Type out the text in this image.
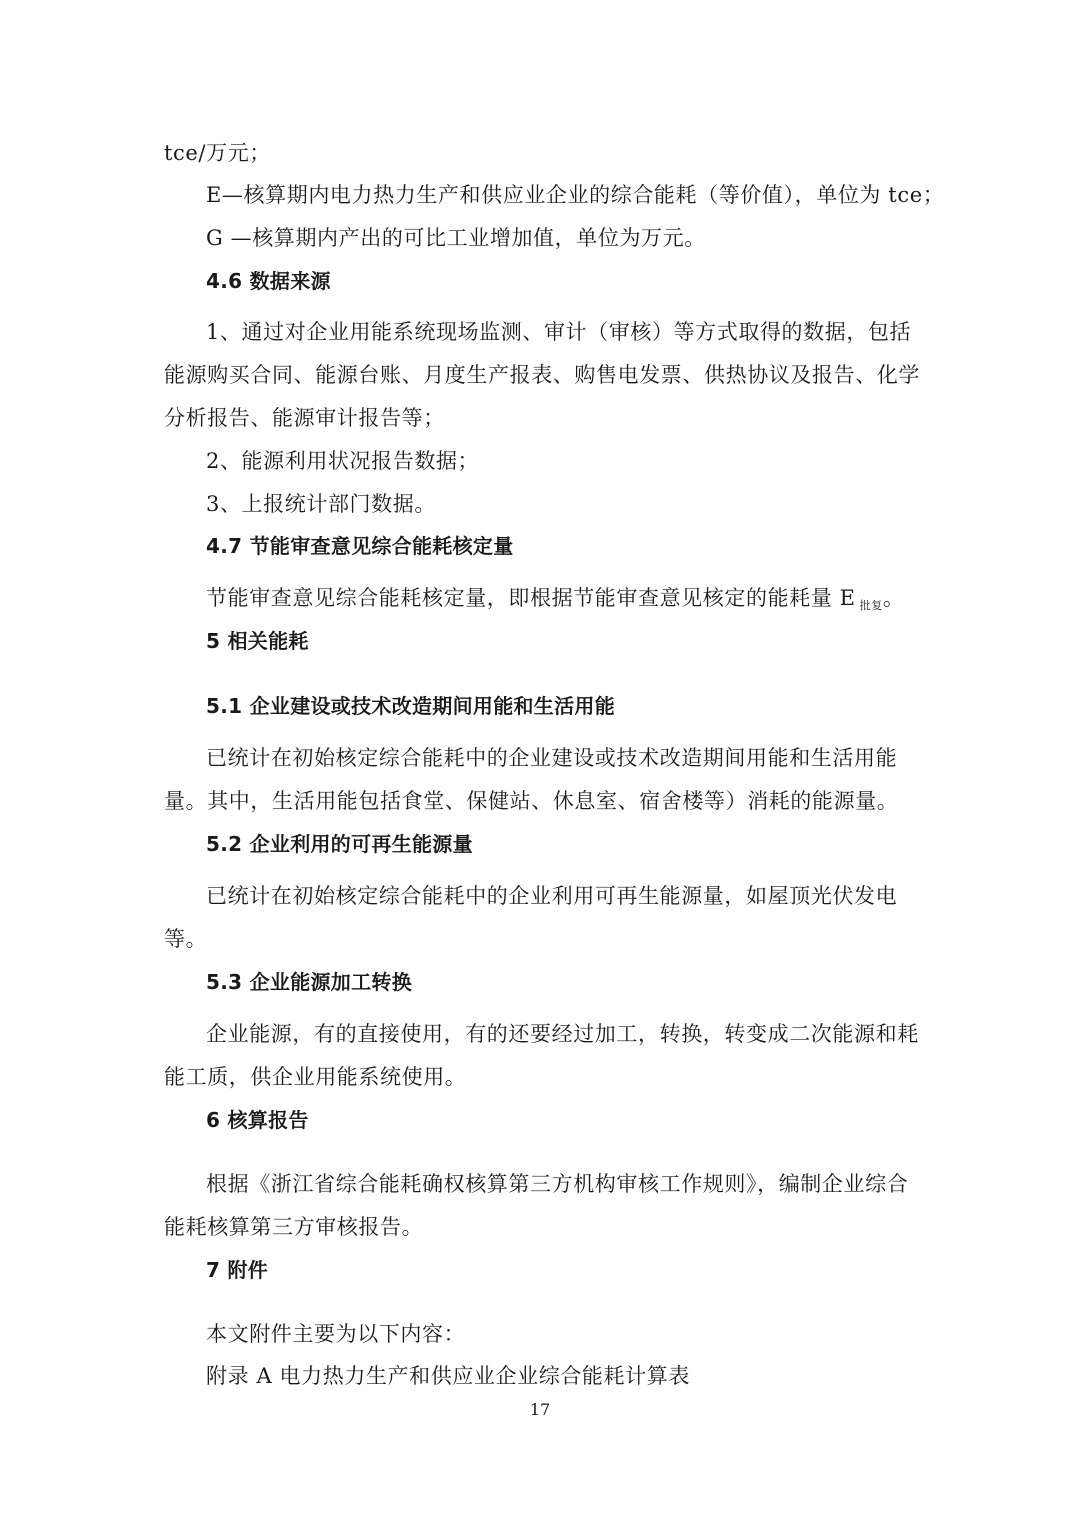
tce/万元；
E—核算期内电力热力生产和供应业企业的综合能耗（等价值），单位为 tce；
G —核算期内产出的可比工业增加值，单位为万元。
4.6 数据来源
1、通过对企业用能系统现场监测、审计（审核）等方式取得的数据，包括
能源购买合同、能源台账、月度生产报表、购售电发票、供热协议及报告、化学
分析报告、能源审计报告等；
2、能源利用状况报告数据；
3、上报统计部门数据。
4.7 节能审查意见综合能耗核定量
节能审查意见综合能耗核定量，即根据节能审查意见核定的能耗量 E $_{批复}$。
5 相关能耗
5.1 企业建设或技术改造期间用能和生活用能
已统计在初始核定综合能耗中的企业建设或技术改造期间用能和生活用能
量。其中，生活用能包括食堂、保健站、休息室、宿舍楼等）消耗的能源量。
5.2 企业利用的可再生能源量
已统计在初始核定综合能耗中的企业利用可再生能源量，如屋顶光伏发电
等。
5.3 企业能源加工转换
企业能源，有的直接使用，有的还要经过加工，转换，转变成二次能源和耗
能工质，供企业用能系统使用。
6 核算报告
根据《浙江省综合能耗确权核算第三方机构审核工作规则》，编制企业综合
能耗核算第三方审核报告。
7 附件
本文附件主要为以下内容：
附录 A 电力热力生产和供应业企业综合能耗计算表
17
